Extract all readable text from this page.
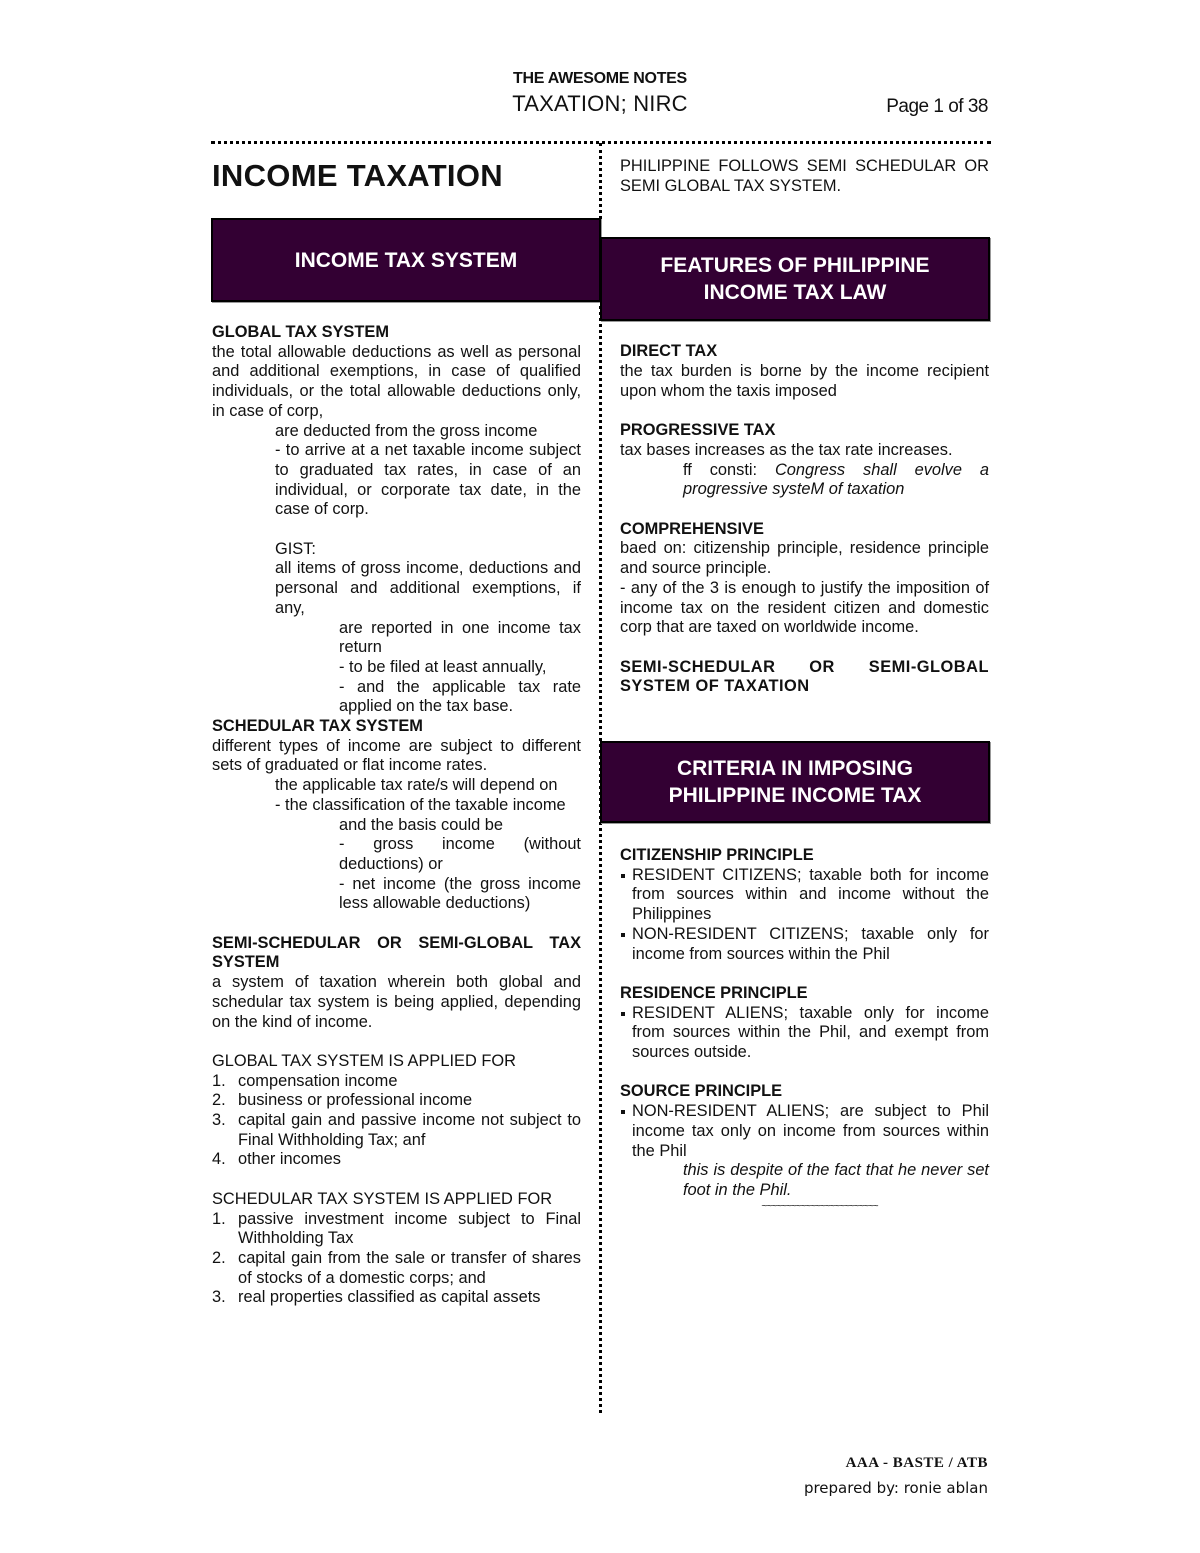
THE AWESOME NOTES
TAXATION; NIRC	Page 1 of 38
INCOME TAXATION
INCOME TAX SYSTEM

GLOBAL TAX SYSTEM

the total allowable deductions as well as personal and additional exemptions, in case of qualified individuals, or the total allowable deductions only, in case of corp,

are deducted from the gross income

- to arrive at a net taxable income subject to graduated tax rates, in case of an individual, or corporate tax date, in the case of corp.

GIST:

all items of gross income, deductions and personal and additional exemptions, if any,

are reported in one income tax return

- to be filed at least annually,

- and the applicable tax rate applied on the tax base.

SCHEDULAR TAX SYSTEM

different types of income are subject to different sets of graduated or flat income rates.

the applicable tax rate/s will depend on

- the classification of the taxable income

and the basis could be

- gross income (without deductions) or

- net income (the gross income less allowable deductions)

SEMI-SCHEDULAR OR SEMI-GLOBAL TAX SYSTEM

a system of taxation wherein both global and schedular tax system is being applied, depending on the kind of income.

GLOBAL TAX SYSTEM IS APPLIED FOR

1. compensation income
2. business or professional income
3. capital gain and passive income not subject to Final Withholding Tax; anf
4. other incomes

SCHEDULAR TAX SYSTEM IS APPLIED FOR

1. passive investment income subject to Final Withholding Tax
2. capital gain from the sale or transfer of shares of stocks of a domestic corps; and
3. real properties classified as capital assets

PHILIPPINE FOLLOWS SEMI SCHEDULAR OR SEMI GLOBAL TAX SYSTEM.

FEATURES OF PHILIPPINE
INCOME TAX LAW

DIRECT TAX

the tax burden is borne by the income recipient upon whom the taxis imposed

PROGRESSIVE TAX

tax bases increases as the tax rate increases.

ff consti: Congress shall evolve a progressive systeM of taxation

COMPREHENSIVE

baed on: citizenship principle, residence principle and source principle.

- any of the 3 is enough to justify the imposition of income tax on the resident citizen and domestic corp that are taxed on worldwide income.

SEMI-SCHEDULAR OR SEMI-GLOBAL SYSTEM OF TAXATION

CRITERIA IN IMPOSING
PHILIPPINE INCOME TAX

CITIZENSHIP PRINCIPLE

RESIDENT CITIZENS; taxable both for income from sources within and income without the Philippines
NON-RESIDENT CITIZENS; taxable only for income from sources within the Phil

RESIDENCE PRINCIPLE

RESIDENT ALIENS; taxable only for income from sources within the Phil, and exempt from sources outside.

SOURCE PRINCIPLE

NON-RESIDENT ALIENS; are subject to Phil income tax only on income from sources within the Phil

this is despite of the fact that he never set foot in the Phil.

~~~~~~~~~~~~~~~~~~~~~~~~
AAA - BASTE / ATB
prepared by: ronie ablan
